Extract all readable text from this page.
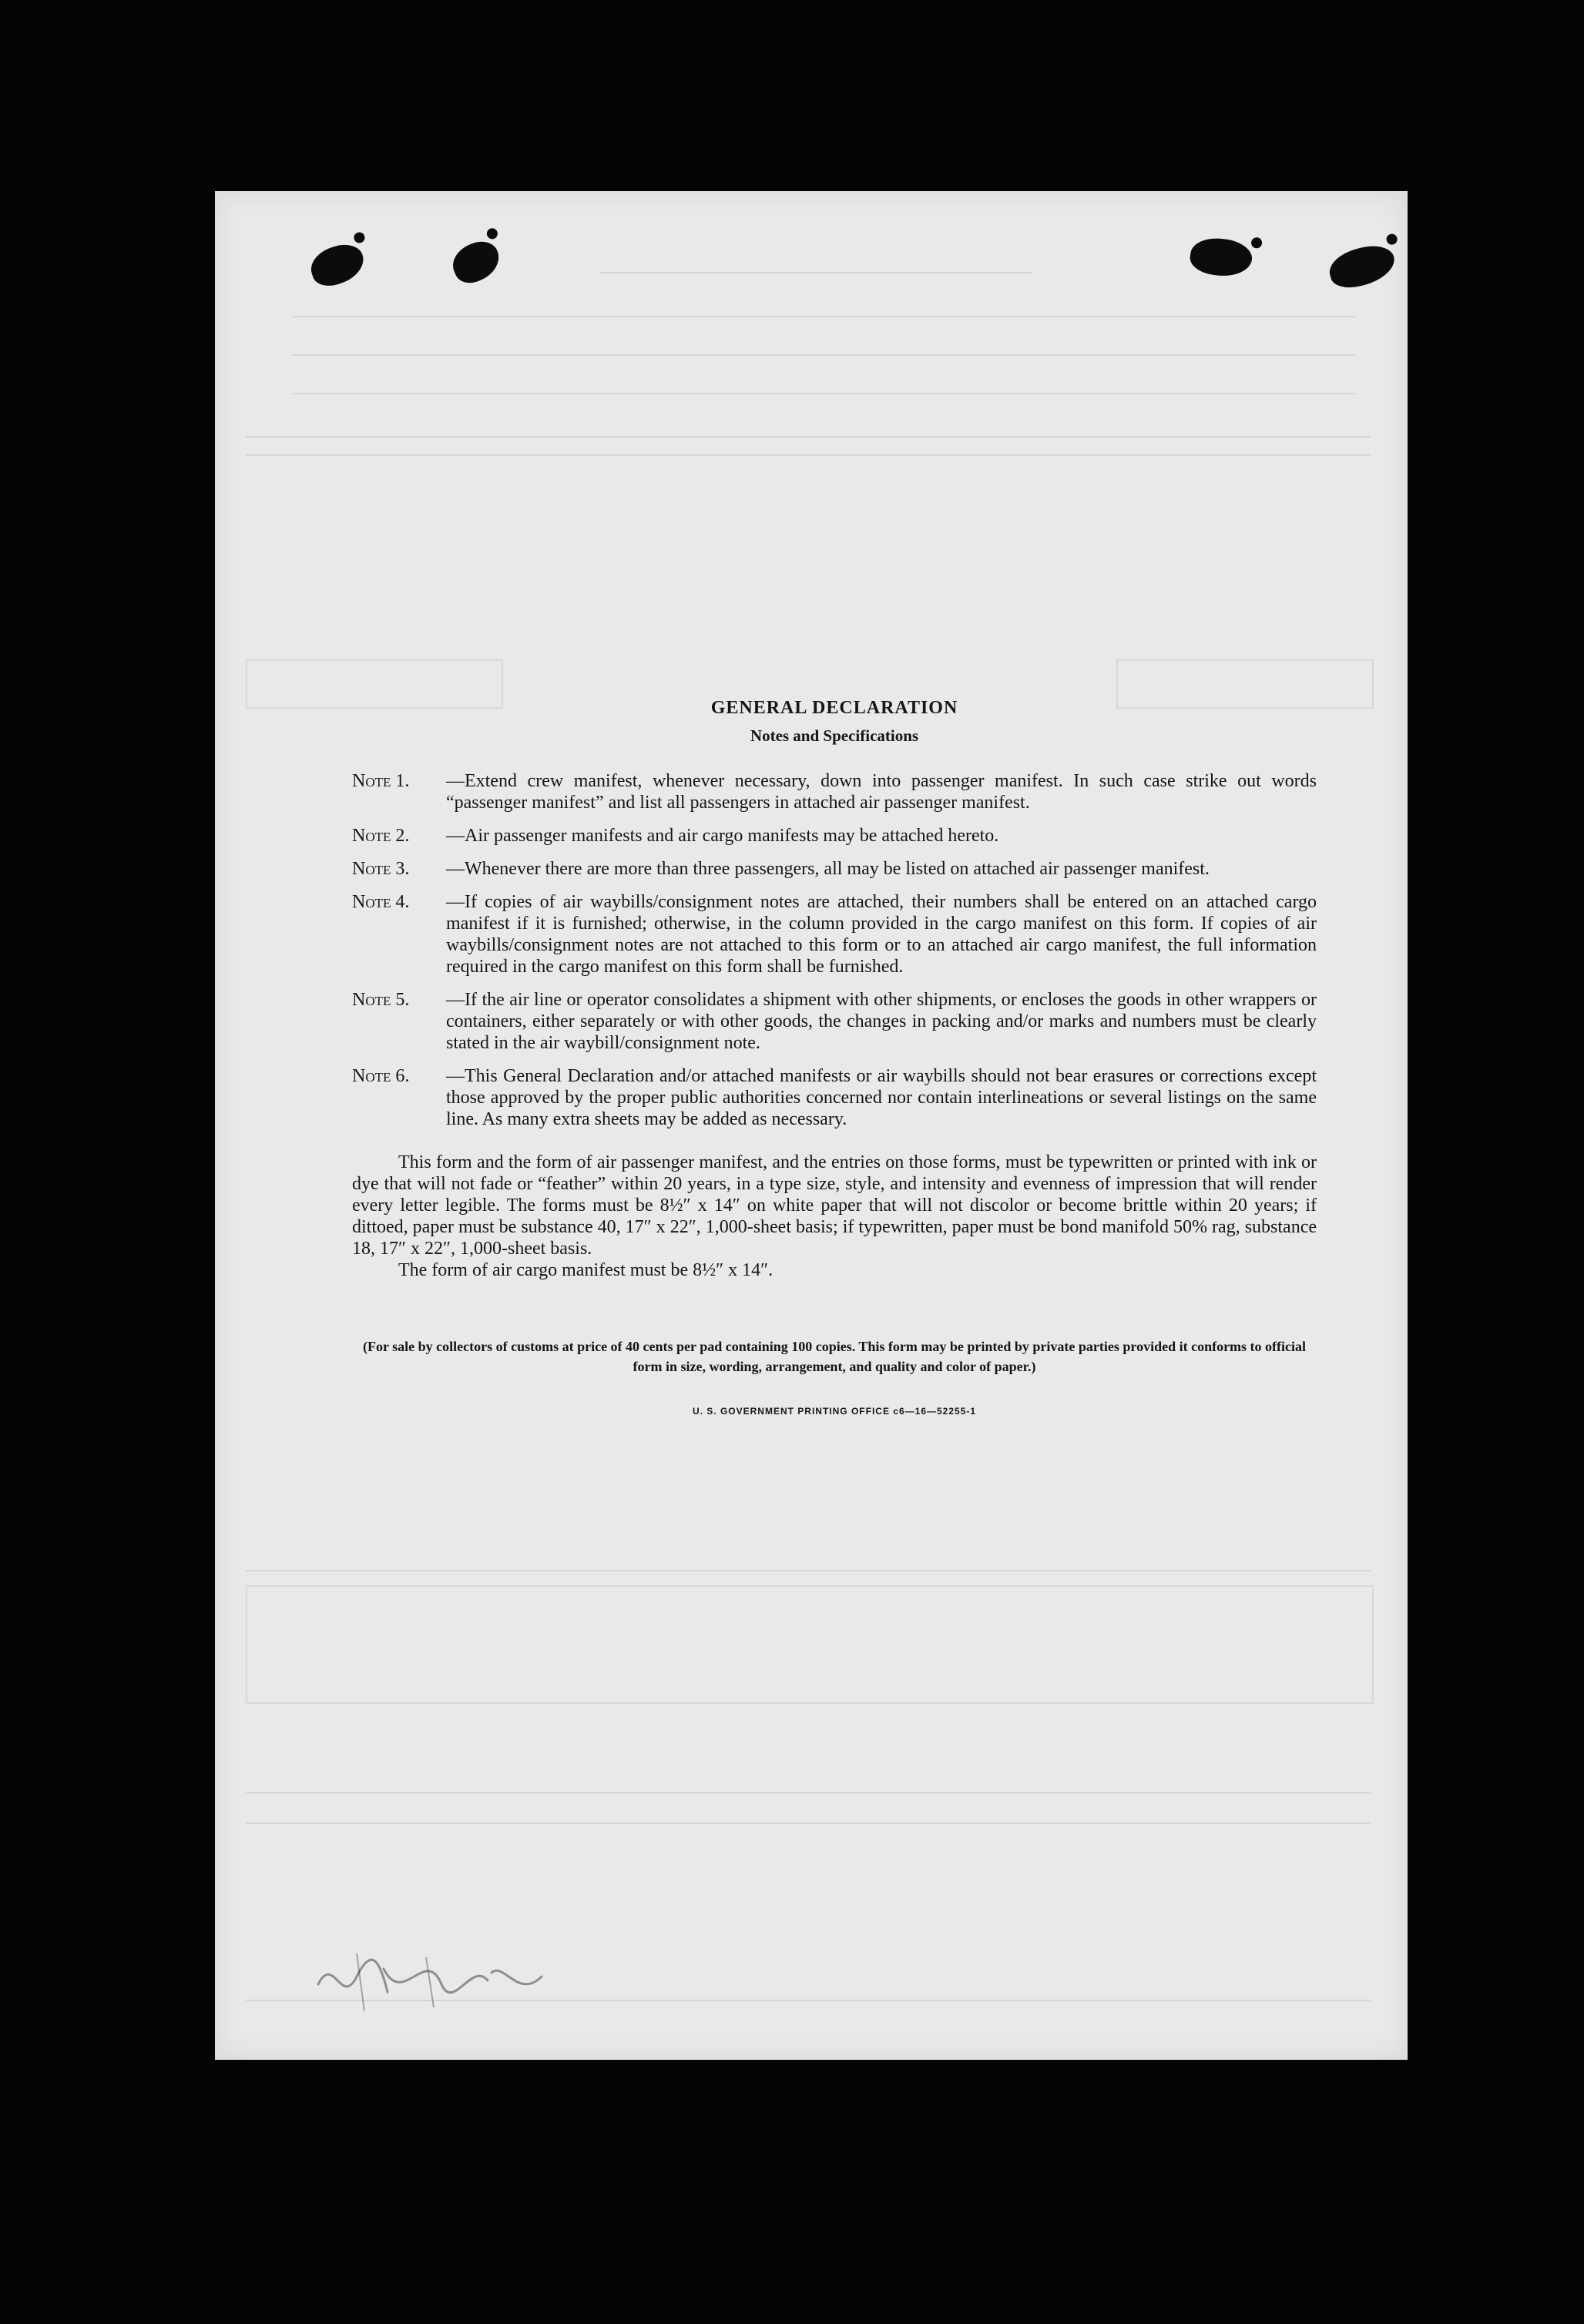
GENERAL DECLARATION
Notes and Specifications
Note 1.	—Extend crew manifest, whenever necessary, down into passenger manifest. In such case strike out words “passenger manifest” and list all passengers in attached air passenger manifest.
Note 2.	—Air passenger manifests and air cargo manifests may be attached hereto.
Note 3.	—Whenever there are more than three passengers, all may be listed on attached air passenger manifest.
Note 4.	—If copies of air waybills/consignment notes are attached, their numbers shall be entered on an attached cargo manifest if it is furnished; otherwise, in the column provided in the cargo manifest on this form. If copies of air waybills/consignment notes are not attached to this form or to an attached air cargo manifest, the full information required in the cargo manifest on this form shall be furnished.
Note 5.	—If the air line or operator consolidates a shipment with other shipments, or encloses the goods in other wrappers or containers, either separately or with other goods, the changes in packing and/or marks and numbers must be clearly stated in the air waybill/consignment note.
Note 6.	—This General Declaration and/or attached manifests or air waybills should not bear erasures or corrections except those approved by the proper public authorities concerned nor contain interlineations or several listings on the same line. As many extra sheets may be added as necessary.
This form and the form of air passenger manifest, and the entries on those forms, must be typewritten or printed with ink or dye that will not fade or “feather” within 20 years, in a type size, style, and intensity and evenness of impression that will render every letter legible. The forms must be 8½″ x 14″ on white paper that will not discolor or become brittle within 20 years; if dittoed, paper must be substance 40, 17″ x 22″, 1,000-sheet basis; if typewritten, paper must be bond manifold 50% rag, substance 18, 17″ x 22″, 1,000-sheet basis.
The form of air cargo manifest must be 8½″ x 14″.
(For sale by collectors of customs at price of 40 cents per pad containing 100 copies. This form may be printed by private parties provided it conforms to official form in size, wording, arrangement, and quality and color of paper.)
U. S. GOVERNMENT PRINTING OFFICE c6—16—52255-1
